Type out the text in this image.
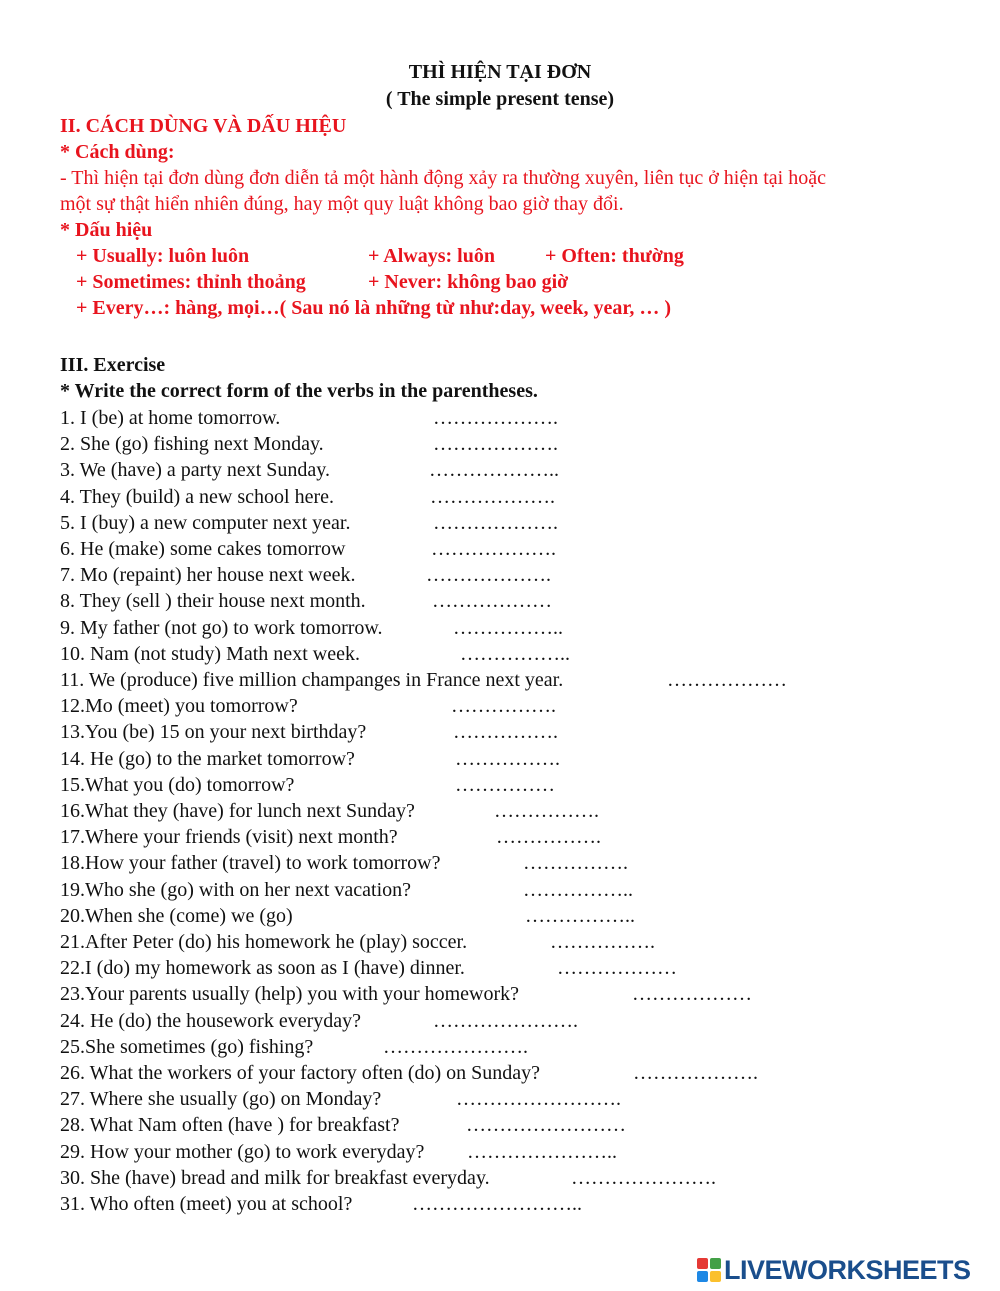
THÌ HIỆN TẠI ĐƠN
( The simple present tense)
II. CÁCH DÙNG VÀ DẤU HIỆU
* Cách dùng:
- Thì hiện tại đơn dùng đơn diễn tả một hành động xảy ra thường xuyên, liên tục ở hiện tại hoặc
một sự thật hiển nhiên đúng, hay một quy luật không bao giờ thay đổi.
* Dấu hiệu
+ Usually: luôn luôn	+ Always: luôn	+ Often: thường
+ Sometimes: thỉnh thoảng	+ Never: không bao giờ
+ Every…: hàng, mọi…( Sau nó là những từ như:day, week, year, … )
III. Exercise
* Write the correct form of the verbs in the parentheses.
1. I (be) at home tomorrow.	……………….
2. She (go) fishing next Monday.	……………….
3. We (have) a party next Sunday.	………………..
4. They (build) a new school here.	……………….
5. I (buy) a new computer next year.	……………….
6. He (make) some cakes tomorrow	……………….
7. Mo (repaint) her house next week.	……………….
8. They (sell ) their house next month.	………………
9. My father (not go) to work tomorrow.	……………..
10. Nam (not study) Math next week.	……………..
11. We (produce) five million champanges in France next year.	………………
12.Mo (meet) you tomorrow?	…………….
13.You (be) 15 on your next birthday?	…………….
14. He (go) to the market tomorrow?	…………….
15.What you (do) tomorrow?	……………
16.What they (have) for lunch next Sunday?	…………….
17.Where your friends (visit) next month?	…………….
18.How your father (travel) to work tomorrow?	…………….
19.Who she (go) with on her next vacation?	……………..
20.When she (come) we (go)	……………..
21.After Peter (do) his homework he (play) soccer.	…………….
22.I (do) my homework as soon as I (have) dinner.	………………
23.Your parents usually (help) you with your homework?	………………
24. He (do) the housework everyday?	………………….
25.She sometimes (go) fishing?	………………….
26. What the workers of your factory often (do) on Sunday?	……………….
27. Where she usually (go) on Monday?	…………………….
28. What Nam often (have ) for breakfast?	……………………
29. How your mother (go) to work everyday? …………………..
30. She (have) bread and milk for breakfast everyday.	………………….
31. Who often (meet) you at school?	……………………..
LIVEWORKSHEETS
